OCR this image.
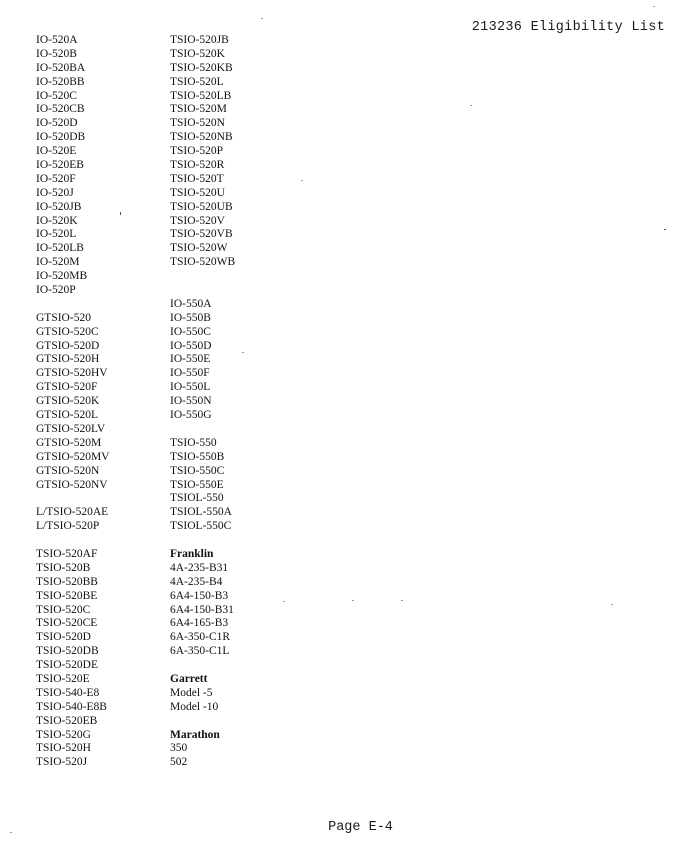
213236 Eligibility List
IO-520A
IO-520B
IO-520BA
IO-520BB
IO-520C
IO-520CB
IO-520D
IO-520DB
IO-520E
IO-520EB
IO-520F
IO-520J
IO-520JB
IO-520K
IO-520L
IO-520LB
IO-520M
IO-520MB
IO-520P
GTSIO-520
GTSIO-520C
GTSIO-520D
GTSIO-520H
GTSIO-520HV
GTSIO-520F
GTSIO-520K
GTSIO-520L
GTSIO-520LV
GTSIO-520M
GTSIO-520MV
GTSIO-520N
GTSIO-520NV
L/TSIO-520AE
L/TSIO-520P
TSIO-520AF
TSIO-520B
TSIO-520BB
TSIO-520BE
TSIO-520C
TSIO-520CE
TSIO-520D
TSIO-520DB
TSIO-520DE
TSIO-520E
TSIO-540-E8
TSIO-540-E8B
TSIO-520EB
TSIO-520G
TSIO-520H
TSIO-520J
TSIO-520JB
TSIO-520K
TSIO-520KB
TSIO-520L
TSIO-520LB
TSIO-520M
TSIO-520N
TSIO-520NB
TSIO-520P
TSIO-520R
TSIO-520T
TSIO-520U
TSIO-520UB
TSIO-520V
TSIO-520VB
TSIO-520W
TSIO-520WB
IO-550A
IO-550B
IO-550C
IO-550D
IO-550E
IO-550F
IO-550L
IO-550N
IO-550G
TSIO-550
TSIO-550B
TSIO-550C
TSIO-550E
TSIOL-550
TSIOL-550A
TSIOL-550C
Franklin
4A-235-B31
4A-235-B4
6A4-150-B3
6A4-150-B31
6A4-165-B3
6A-350-C1R
6A-350-C1L
Garrett
Model -5
Model -10
Marathon
350
502
Page E-4
